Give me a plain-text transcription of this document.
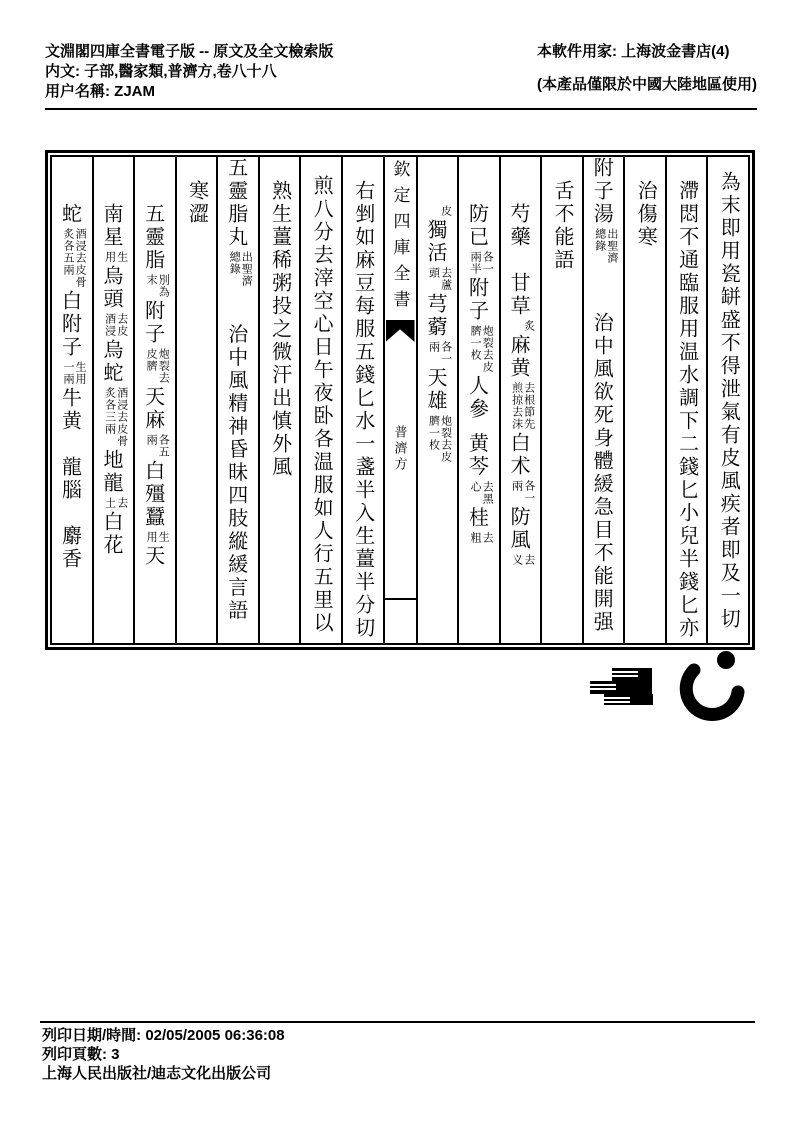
文淵閣四庫全書電子版 -- 原文及全文檢索版
内文: 子部,醫家類,普濟方,卷八十八
用户名稱: ZJAM
本軟件用家: 上海波金書店(4)
(本產品僅限於中國大陸地區使用)
為末即用瓷缾盛不得泄氣有皮風疾者即及一切
滯悶不通臨服用温水調下二錢匕小兒半錢匕亦
治傷寒
附子湯
出聖濟
總錄
治中風欲死身體緩急目不能開强
舌不能語
芍藥甘草
炙
麻黄
去根節先
煎掠去沫
白术
各一
兩
防風
去
义
防已
各一
兩半
附子
炮裂去皮
臍一枚
人參黄芩
去黑
心
桂
去
粗
皮
獨活
去蘆
頭
芎藭
各一
兩
天雄
炮裂去皮
臍一枚
欽定四庫全書
普濟方
右剉如麻豆每服五錢匕水一盞半入生薑半分切
煎八分去滓空心日午夜卧各温服如人行五里以
熟生薑稀粥投之微汗出慎外風
五靈脂丸
出聖濟
總錄
治中風精神昏昧四肢縱緩言語
寒澀
五靈脂
別為
末
附子
炮裂去
皮臍
天麻
各五
兩
白殭蠶
生
用
天
南星
生
用
烏頭
去皮
酒浸
烏蛇
酒浸去皮骨
炙各三兩
地龍
去
土
白花
蛇
酒浸去皮骨
炙各五兩
白附子
生用
一兩
牛黄龍腦麝香
列印日期/時間: 02/05/2005 06:36:08
列印頁數: 3
上海人民出版社/迪志文化出版公司
